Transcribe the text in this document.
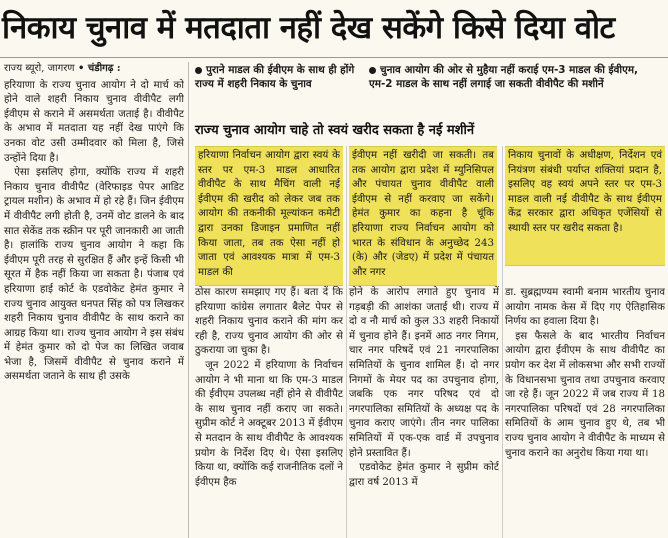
निकाय चुनाव में मतदाता नहीं देख सकेंगे किसे दिया वोट
राज्य ब्यूरो, जागरण • चंडीगढ़ :

हरियाणा के राज्य चुनाव आयोग ने दो मार्च को होने वाले शहरी निकाय चुनाव वीवीपैट लगी ईवीएम से कराने में असमर्थता जताई है। वीवीपैट के अभाव में मतदाता यह नहीं देख पाएंगे कि उनका वोट उसी उम्मीदवार को मिला है, जिसे उन्होंने दिया है।

ऐसा इसलिए होगा, क्योंकि राज्य में शहरी निकाय चुनाव वीवीपैट (वेरिफाइड पेपर आडिट ट्रायल मशीन) के अभाव में हो रहे हैं। जिन ईवीएम में वीवीपैट लगी होती है, उनमें वोट डालने के बाद सात सेकेंड तक स्क्रीन पर पूरी जानकारी आ जाती है। हालांकि राज्य चुनाव आयोग ने कहा कि ईवीएम पूरी तरह से सुरक्षित हैं और इन्हें किसी भी सूरत में हैक नहीं किया जा सकता है। पंजाब एवं हरियाणा हाई कोर्ट के एडवोकेट हेमंत कुमार ने राज्य चुनाव आयुक्त धनपत सिंह को पत्र लिखकर शहरी निकाय चुनाव वीवीपैट के साथ कराने का आग्रह किया था। राज्य चुनाव आयोग ने इस संबंध में हेमंत कुमार को दो पेज का लिखित जवाब भेजा है, जिसमें वीवीपैट से चुनाव कराने में असमर्थता जताने के साथ ही उसके

पुराने माडल की ईवीएम के साथ ही होंगे राज्य में शहरी निकाय के चुनाव
चुनाव आयोग की ओर से मुहैया नहीं कराई एम-3 माडल की ईवीएम, एम-2 माडल के साथ नहीं लगाई जा सकती वीवीपैट की मशीनें
राज्य चुनाव आयोग चाहे तो स्वयं खरीद सकता है नई मशीनें
हरियाणा निर्वाचन आयोग द्वारा स्वयं के स्तर पर एम-3 माडल आधारित वीवीपैट के साथ मैचिंग वाली नई ईवीएम की खरीद को लेकर जब तक आयोग की तकनीकी मूल्यांकन कमेटी द्वारा उनका डिजाइन प्रमाणित नहीं किया जाता, तब तक ऐसा नहीं हो जाता एवं आवश्यक मात्रा में एम-3 माडल की
ईवीएम नहीं खरीदी जा सकती। तब तक आयोग द्वारा प्रदेश में म्युनिसिपल और पंचायत चुनाव वीवीपैट वाली ईवीएम से नहीं करवाए जा सकेंगे। हेमंत कुमार का कहना है चूंकि हरियाणा राज्य निर्वाचन आयोग को भारत के संविधान के अनुच्छेद 243 (के) और (जेडए) में प्रदेश में पंचायत और नगर
निकाय चुनावों के अधीक्षण, निर्देशन एवं नियंत्रण संबंधी पर्याप्त शक्तियां प्रदान है, इसलिए वह स्वयं अपने स्तर पर एम-3 माडल वाली नई वीवीपैट के साथ ईवीएम केंद्र सरकार द्वारा अधिकृत एजेंसियों से स्थायी स्तर पर खरीद सकता है।

ठोस कारण समझाए गए हैं। बता दें कि हरियाणा कांग्रेस लगातार बैलेट पेपर से शहरी निकाय चुनाव कराने की मांग कर रही है, राज्य चुनाव आयोग की ओर से ठुकराया जा चुका है।

जून 2022 में हरियाणा के निर्वाचन आयोग ने भी माना था कि एम-3 माडल की ईवीएम उपलब्ध नहीं होने से वीवीपैट के साथ चुनाव नहीं कराए जा सकते। सुप्रीम कोर्ट ने अक्टूबर 2013 में ईवीएम से मतदान के साथ वीवीपैट के आवश्यक प्रयोग के निर्देश दिए थे। ऐसा इसलिए किया था, क्योंकि कई राजनीतिक दलों ने ईवीएम हैक

होने के आरोप लगाते हुए चुनाव में गड़बड़ी की आशंका जताई थी। राज्य में दो व नौ मार्च को कुल 33 शहरी निकायों में चुनाव होने हैं। इनमें आठ नगर निगम, चार नगर परिषदें एवं 21 नगरपालिका समितियों के चुनाव शामिल हैं। दो नगर निगमों के मेयर पद का उपचुनाव होगा, जबकि एक नगर परिषद एवं दो नगरपालिका समितियों के अध्यक्ष पद के चुनाव कराए जाएंगे। तीन नगर पालिका समितियों में एक-एक वार्ड में उपचुनाव होने प्रस्तावित हैं।

एडवोकेट हेमंत कुमार ने सुप्रीम कोर्ट द्वारा वर्ष 2013 में

डा. सुब्रह्मण्यम स्वामी बनाम भारतीय चुनाव आयोग नामक केस में दिए गए ऐतिहासिक निर्णय का हवाला दिया है।

इस फैसले के बाद भारतीय निर्वाचन आयोग द्वारा ईवीएम के साथ वीवीपैट का प्रयोग कर देश में लोकसभा और सभी राज्यों के विधानसभा चुनाव तथा उपचुनाव करवाए जा रहे हैं। जून 2022 में जब राज्य में 18 नगरपालिका परिषदों एवं 28 नगरपालिका समितियों के आम चुनाव हुए थे, तब भी राज्य चुनाव आयोग ने वीवीपैट के माध्यम से चुनाव कराने का अनुरोध किया गया था।
